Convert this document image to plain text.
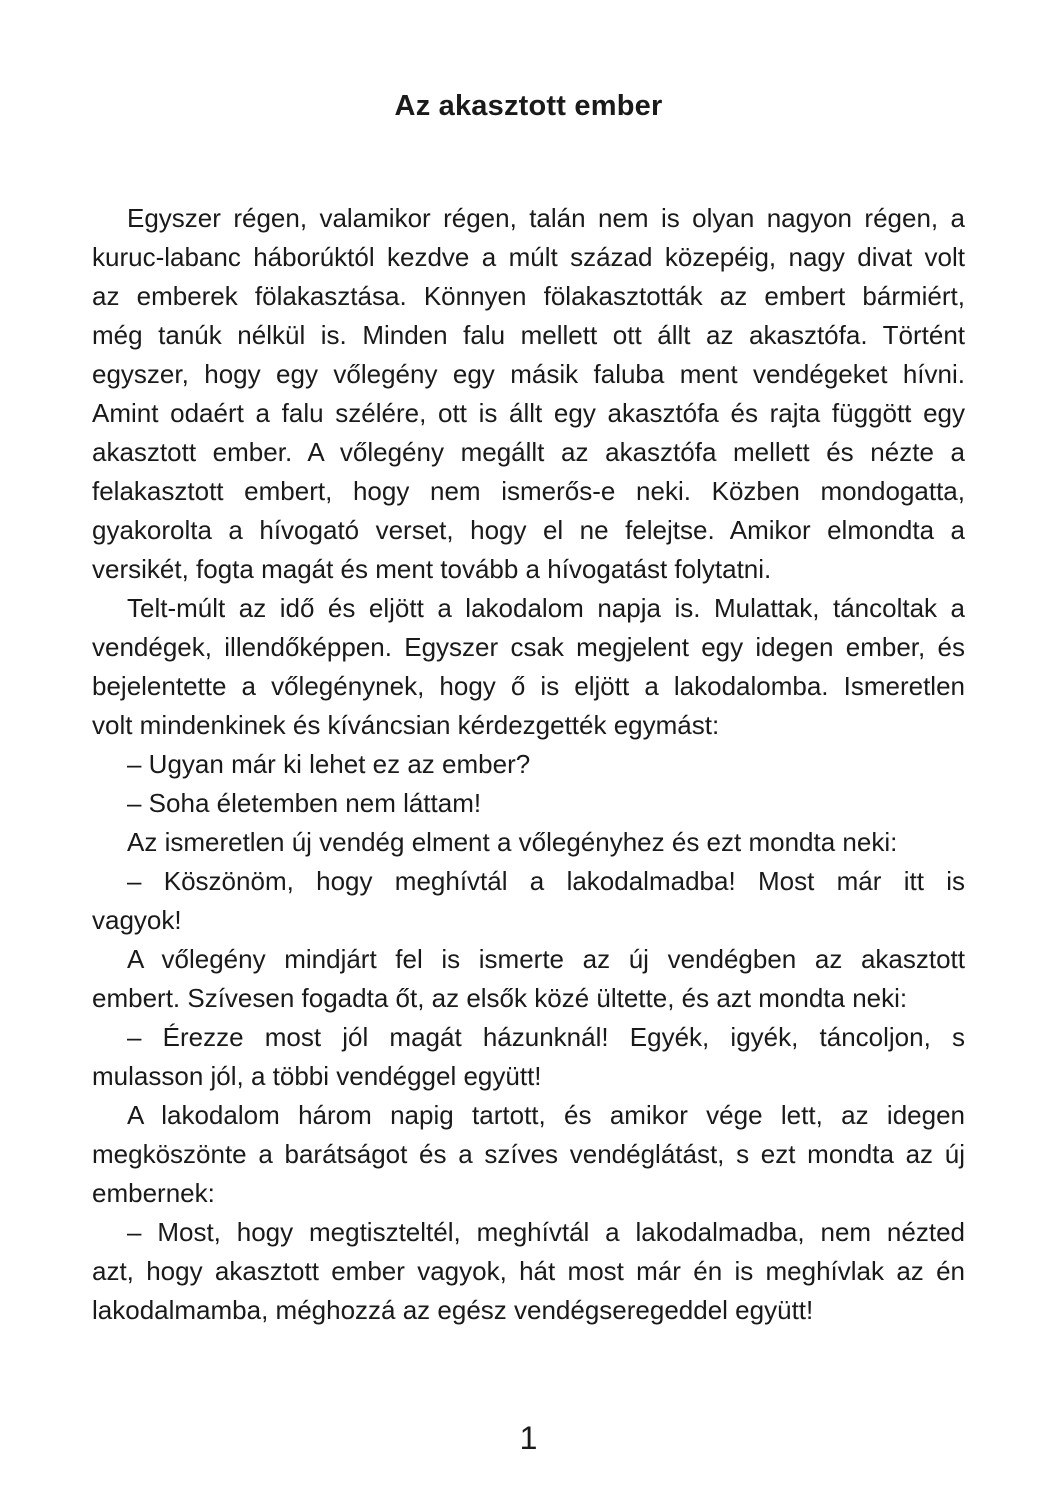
Az akasztott ember
Egyszer régen, valamikor régen, talán nem is olyan nagyon régen, a
kuruc-labanc háborúktól kezdve a múlt század közepéig, nagy divat volt
az emberek fölakasztása. Könnyen fölakasztották az embert bármiért,
még tanúk nélkül is. Minden falu mellett ott állt az akasztófa. Történt
egyszer, hogy egy vőlegény egy másik faluba ment vendégeket hívni.
Amint odaért a falu szélére, ott is állt egy akasztófa és rajta függött egy
akasztott ember. A vőlegény megállt az akasztófa mellett és nézte a
felakasztott embert, hogy nem ismerős-e neki. Közben mondogatta,
gyakorolta a hívogató verset, hogy el ne felejtse. Amikor elmondta a
versikét, fogta magát és ment tovább a hívogatást folytatni.
Telt-múlt az idő és eljött a lakodalom napja is. Mulattak, táncoltak a
vendégek, illendőképpen. Egyszer csak megjelent egy idegen ember, és
bejelentette a vőlegénynek, hogy ő is eljött a lakodalomba. Ismeretlen
volt mindenkinek és kíváncsian kérdezgették egymást:
– Ugyan már ki lehet ez az ember?
– Soha életemben nem láttam!
Az ismeretlen új vendég elment a vőlegényhez és ezt mondta neki:
– Köszönöm, hogy meghívtál a lakodalmadba! Most már itt is
vagyok!
A vőlegény mindjárt fel is ismerte az új vendégben az akasztott
embert. Szívesen fogadta őt, az elsők közé ültette, és azt mondta neki:
– Érezze most jól magát házunknál! Egyék, igyék, táncoljon, s
mulasson jól, a többi vendéggel együtt!
A lakodalom három napig tartott, és amikor vége lett, az idegen
megköszönte a barátságot és a szíves vendéglátást, s ezt mondta az új
embernek:
– Most, hogy megtiszteltél, meghívtál a lakodalmadba, nem nézted
azt, hogy akasztott ember vagyok, hát most már én is meghívlak az én
lakodalmamba, méghozzá az egész vendégseregeddel együtt!
1
